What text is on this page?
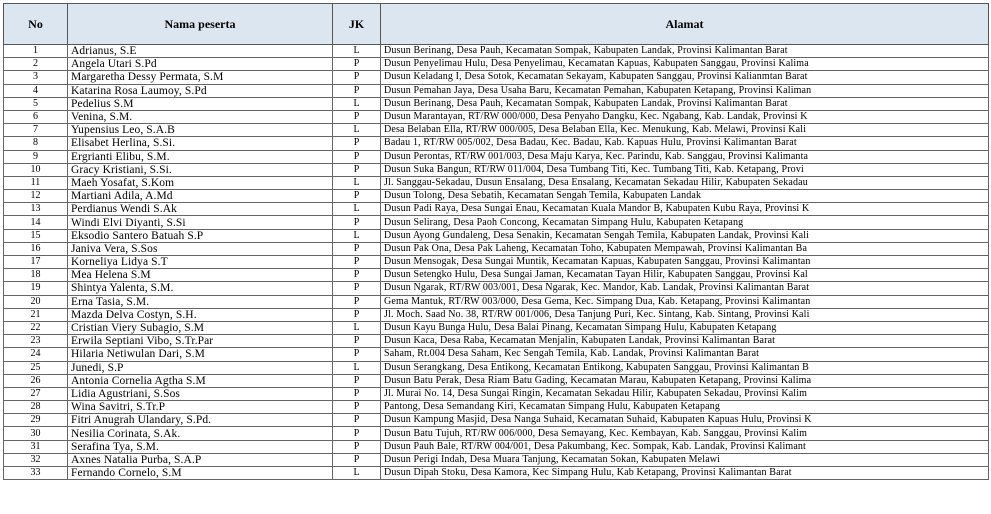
No	Nama peserta	JK	Alamat
1	Adrianus, S.E	L	Dusun Berinang, Desa Pauh, Kecamatan Sompak, Kabupaten Landak, Provinsi Kalimantan Barat
2	Angela Utari S.Pd	P	Dusun Penyelimau Hulu, Desa Penyelimau, Kecamatan Kapuas, Kabupaten Sanggau, Provinsi Kalima
3	Margaretha Dessy Permata, S.M	P	Dusun Keladang I, Desa Sotok, Kecamatan Sekayam, Kabupaten Sanggau, Provinsi Kalianmtan Barat
4	Katarina Rosa Laumoy, S.Pd	P	Dusun Pemahan Jaya, Desa Usaha Baru, Kecamatan Pemahan, Kabupaten Ketapang, Provinsi Kaliman
5	Pedelius S.M	L	Dusun Berinang, Desa Pauh, Kecamatan Sompak, Kabupaten Landak, Provinsi Kalimantan Barat
6	Venina, S.M.	P	Dusun Marantayan, RT/RW 000/000, Desa Penyaho Dangku, Kec. Ngabang, Kab. Landak, Provinsi K
7	Yupensius Leo, S.A.B	L	Desa Belaban Ella, RT/RW 000/005, Desa Belaban Ella, Kec. Menukung, Kab. Melawi, Provinsi Kali
8	Elisabet Herlina, S.Si.	P	Badau 1, RT/RW 005/002, Desa Badau, Kec. Badau, Kab. Kapuas Hulu, Provinsi Kalimantan Barat
9	Ergrianti Elibu, S.M.	P	Dusun Perontas, RT/RW 001/003, Desa Maju Karya, Kec. Parindu, Kab. Sanggau, Provinsi Kalimanta
10	Gracy Kristiani, S.Si.	P	Dusun Suka Bangun, RT/RW 011/004, Desa Tumbang Titi, Kec. Tumbang Titi, Kab. Ketapang, Provi
11	Maeh Yosafat, S.Kom	L	Jl. Sanggau-Sekadau, Dusun Ensalang, Desa Ensalang, Kecamatan Sekadau Hilir, Kabupaten Sekadau
12	Martiani Adila, A.Md	P	Dusun Tolong, Desa Sebatih, Kecamatan Sengah Temila, Kabupaten Landak
13	Perdianus Wendi S.Ak	L	Dusun Padi Raya, Desa Sungai Enau, Kecamatan Kuala Mandor B, Kabupaten Kubu Raya, Provinsi K
14	Windi Elvi Diyanti, S.Si	P	Dusun Selirang, Desa Paoh Concong, Kecamatan Simpang Hulu, Kabupaten Ketapang
15	Eksodio Santero Batuah S.P	L	Dusun Ayong Gundaleng, Desa Senakin, Kecamatan Sengah Temila, Kabupaten Landak, Provinsi Kali
16	Janiva Vera, S.Sos	P	Dusun Pak Ona, Desa Pak Laheng, Kecamatan Toho, Kabupaten Mempawah, Provinsi Kalimantan Ba
17	Korneliya Lidya S.T	P	Dusun Mensogak, Desa Sungai Muntik, Kecamatan Kapuas, Kabupaten Sanggau, Provinsi Kalimantan
18	Mea Helena S.M	P	Dusun Setengko Hulu, Desa Sungai Jaman, Kecamatan Tayan Hilir, Kabupaten Sanggau, Provinsi Kal
19	Shintya Yalenta, S.M.	P	Dusun Ngarak, RT/RW 003/001, Desa Ngarak, Kec. Mandor, Kab. Landak, Provinsi Kalimantan Barat
20	Erna Tasia, S.M.	P	Gema Mantuk, RT/RW 003/000, Desa Gema, Kec. Simpang Dua, Kab. Ketapang, Provinsi Kalimantan
21	Mazda Delva Costyn, S.H.	P	Jl. Moch. Saad No. 38, RT/RW 001/006, Desa Tanjung Puri, Kec. Sintang, Kab. Sintang, Provinsi Kali
22	Cristian Viery Subagio, S.M	L	Dusun Kayu Bunga Hulu, Desa Balai Pinang, Kecamatan Simpang Hulu, Kabupaten Ketapang
23	Erwila Septiani Vibo, S.Tr.Par	P	Dusun Kaca, Desa Raba, Kecamatan Menjalin, Kabupaten Landak, Provinsi Kalimantan Barat
24	Hilaria Netiwulan Dari, S.M	P	Saham, Rt.004 Desa Saham, Kec Sengah Temila, Kab. Landak, Provinsi Kalimantan Barat
25	Junedi, S.P	L	Dusun Serangkang, Desa Entikong, Kecamatan Entikong, Kabupaten Sanggau, Provinsi Kalimantan B
26	Antonia Cornelia Agtha S.M	P	Dusun Batu Perak, Desa Riam Batu Gading, Kecamatan Marau, Kabupaten Ketapang, Provinsi Kalima
27	Lidia Agustriani, S.Sos	P	Jl. Murai No. 14, Desa Sungai Ringin, Kecamatan Sekadau Hilir, Kabupaten Sekadau, Provinsi Kalim
28	Wina Savitri, S.Tr.P	P	Pantong, Desa Semandang Kiri, Kecamatan Simpang Hulu, Kabupaten Ketapang
29	Fitri Anugrah Ulandary, S.Pd.	P	Dusun Kampung Masjid, Desa Nanga Suhaid, Kecamatan Suhaid, Kabupaten Kapuas Hulu, Provinsi K
30	Nesilia Corinata, S.Ak.	P	Dusun Batu Tujuh, RT/RW 006/000, Desa Semayang, Kec. Kembayan, Kab. Sanggau, Provinsi Kalim
31	Serafina Tya, S.M.	P	Dusun Pauh Bale, RT/RW 004/001, Desa Pakumbang, Kec. Sompak, Kab. Landak, Provinsi Kalimant
32	Axnes Natalia Purba, S.A.P	P	Dusun Perigi Indah, Desa Muara Tanjung, Kecamatan Sokan, Kabupaten Melawi
33	Fernando Cornelo, S.M	L	Dusun Dipah Stoku, Desa Kamora, Kec Simpang Hulu, Kab Ketapang, Provinsi Kalimantan Barat
